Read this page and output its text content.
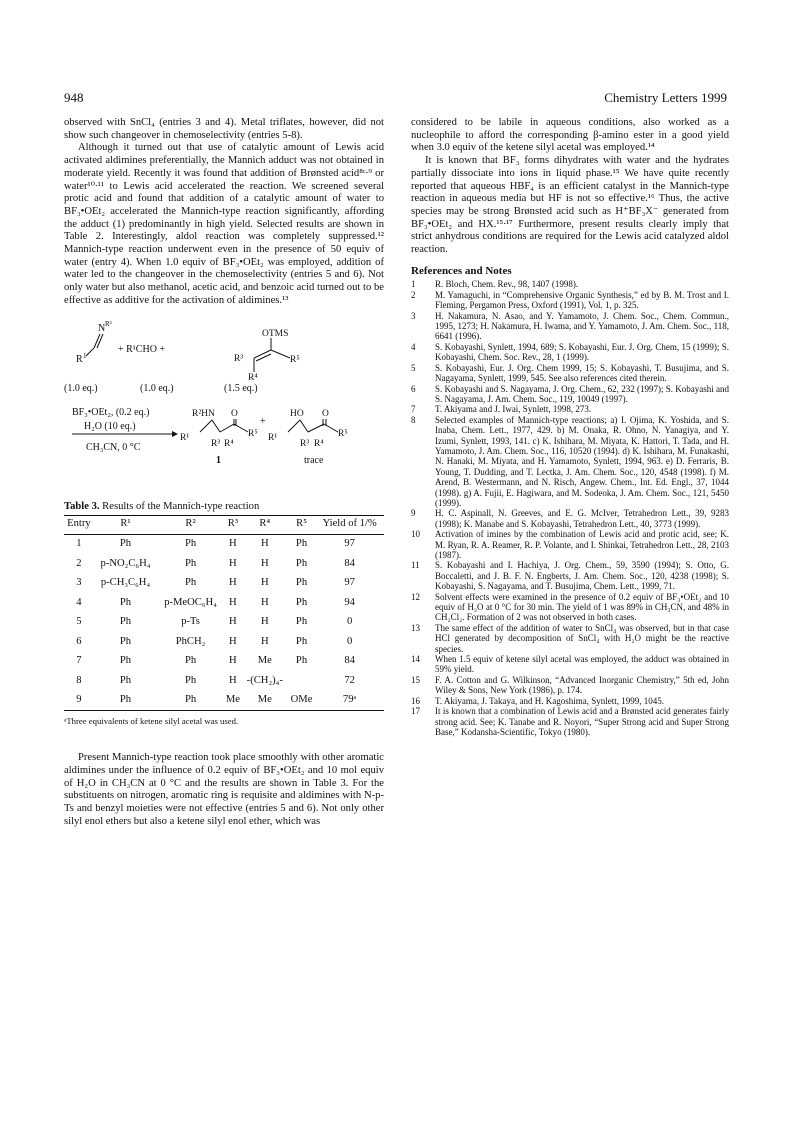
948	Chemistry Letters 1999

observed with SnCl₄ (entries 3 and 4). Metal triflates, however, did not show such changeover in chemoselectivity (entries 5-8).

Although it turned out that use of catalytic amount of Lewis acid activated aldimines preferentially, the Mannich adduct was not obtained in moderate yield. Recently it was found that addition of Brønsted acid⁸ᶜ∙⁹ or water¹⁰∙¹¹ to Lewis acid accelerated the reaction. We screened several protic acid and found that addition of a catalytic amount of water to BF₃•OEt₂ accelerated the Mannich-type reaction significantly, affording the adduct (1) predominantly in high yield. Selected results are shown in Table 2. Interestingly, aldol reaction was completely suppressed.¹² Mannich-type reaction underwent even in the presence of 50 equiv of water (entry 4). When 1.0 equiv of BF₃•OEt₂ was employed, addition of water led to the changeover in the chemoselectivity (entries 5 and 6). Not only water but also methanol, acetic acid, and benzoic acid turned out to be effective as additive for the activation of aldimines.¹³

N R²
R 1
+ R¹CHO +
OTMS
R³	R⁵
R⁴
(1.0 eq.)	(1.0 eq.)	(1.5 eq.)
BF₃•OEt₂, (0.2 eq.)
H₂O (10 eq.)
CH₃CN, 0 °C
R²HN O
R¹	R⁵
R³ R⁴
1
+
HO O
R¹	R⁵
R³ R⁴
trace
Table 3. Results of the Mannich-type reaction
Entry	R¹	R²	R³	R⁴	R⁵	Yield of 1/%
1	Ph	Ph	H	H	Ph	97
2	p-NO₂C₆H₄	Ph	H	H	Ph	84
3	p-CH₃C₆H₄	Ph	H	H	Ph	97
4	Ph	p-MeOC₆H₄	H	H	Ph	94
5	Ph	p-Ts	H	H	Ph	0
6	Ph	PhCH₂	H	H	Ph	0
7	Ph	Ph	H	Me	Ph	84
8	Ph	Ph	H	-(CH₂)₄-		72
9	Ph	Ph	Me	Me	OMe	79ᵃ
ᵃThree equivalents of ketene silyl acetal was used.

Present Mannich-type reaction took place smoothly with other aromatic aldimines under the influence of 0.2 equiv of BF₃•OEt₂ and 10 mol equiv of H₂O in CH₃CN at 0 °C and the results are shown in Table 3. For the substituents on nitrogen, aromatic ring is requisite and aldimines with N-p-Ts and benzyl moieties were not effective (entries 5 and 6). Not only other silyl enol ethers but also a ketene silyl enol ether, which was

considered to be labile in aqueous conditions, also worked as a nucleophile to afford the corresponding β-amino ester in a good yield when 3.0 equiv of the ketene silyl acetal was employed.¹⁴

It is known that BF₃ forms dihydrates with water and the hydrates partially dissociate into ions in liquid phase.¹⁵ We have quite recently reported that aqueous HBF₄ is an efficient catalyst in the Mannich-type reaction in aqueous media but HF is not so effective.¹⁶ Thus, the active species may be strong Brønsted acid such as H⁺BF₃X⁻ generated from BF₃•OEt₂ and HX.¹⁵∙¹⁷ Furthermore, present results clearly imply that strict anhydrous conditions are required for the Lewis acid catalyzed aldol reaction.

References and Notes
1	R. Bloch, Chem. Rev., 98, 1407 (1998).
2	M. Yamaguchi, in “Comprehensive Organic Synthesis,” ed by B. M. Trost and I. Fleming, Pergamon Press, Oxford (1991), Vol. 1, p. 325.
3	H. Nakamura, N. Asao, and Y. Yamamoto, J. Chem. Soc., Chem. Commun., 1995, 1273; H. Nakamura, H. Iwama, and Y. Yamamoto, J. Am. Chem. Soc., 118, 6641 (1996).
4	S. Kobayashi, Synlett, 1994, 689; S. Kobayashi, Eur. J. Org. Chem, 15 (1999); S. Kobayashi, Chem. Soc. Rev., 28, 1 (1999).
5	S. Kobayashi, Eur. J. Org. Chem 1999, 15; S. Kobayashi, T. Busujima, and S. Nagayama, Synlett, 1999, 545. See also references cited therein.
6	S. Kobayashi and S. Nagayama, J. Org. Chem., 62, 232 (1997); S. Kobayashi and S. Nagayama, J. Am. Chem. Soc., 119, 10049 (1997).
7	T. Akiyama and J. Iwai, Synlett, 1998, 273.
8	Selected examples of Mannich-type reactions; a) I. Ojima, K. Yoshida, and S. Inaba, Chem. Lett., 1977, 429. b) M. Onaka, R. Ohno, N. Yanagiya, and Y. Izumi, Synlett, 1993, 141. c) K. Ishihara, M. Miyata, K. Hattori, T. Tada, and H. Yamamoto, J. Am. Chem. Soc., 116, 10520 (1994). d) K. Ishihara, M. Funakashi, N. Hanaki, M. Miyata, and H. Yamamoto, Synlett, 1994, 963. e) D. Ferraris, B. Young, T. Dudding, and T. Lectka, J. Am. Chem. Soc., 120, 4548 (1998). f) M. Arend, B. Westermann, and N. Risch, Angew. Chem., Int. Ed. Engl., 37, 1044 (1998). g) A. Fujii, E. Hagiwara, and M. Sodeoka, J. Am. Chem. Soc., 121, 5450 (1999).
9	H. C. Aspinall, N. Greeves, and E. G. McIver, Tetrahedron Lett., 39, 9283 (1998); K. Manabe and S. Kobayashi, Tetrahedron Lett., 40, 3773 (1999).
10	Activation of imines by the combination of Lewis acid and protic acid, see; K. M. Ryan, R. A. Reamer, R. P. Volante, and I. Shinkai, Tetrahedron Lett., 28, 2103 (1987).
11	S. Kobayashi and I. Hachiya, J. Org. Chem., 59, 3590 (1994); S. Otto, G. Boccaletti, and J. B. F. N. Engberts, J. Am. Chem. Soc., 120, 4238 (1998); S. Kobayashi, S. Nagayama, and T. Busujima, Chem. Lett., 1999, 71.
12	Solvent effects were examined in the presence of 0.2 equiv of BF₃•OEt₂ and 10 equiv of H₂O at 0 °C for 30 min. The yield of 1 was 89% in CH₃CN, and 48% in CH₂Cl₂. Formation of 2 was not observed in both cases.
13	The same effect of the addition of water to SnCl₄ was observed, but in that case HCl generated by decomposition of SnCl₄ with H₂O might be the reactive species.
14	When 1.5 equiv of ketene silyl acetal was employed, the adduct was obtained in 59% yield.
15	F. A. Cotton and G. Wilkinson, “Advanced Inorganic Chemistry,” 5th ed, John Wiley & Sons, New York (1986), p. 174.
16	T. Akiyama, J. Takaya, and H. Kagoshima, Synlett, 1999, 1045.
17	It is known that a combination of Lewis acid and a Brønsted acid generates fairly strong acid. See; K. Tanabe and R. Noyori, “Super Strong acid and Super Strong Base,” Kodansha-Scientific, Tokyo (1980).
